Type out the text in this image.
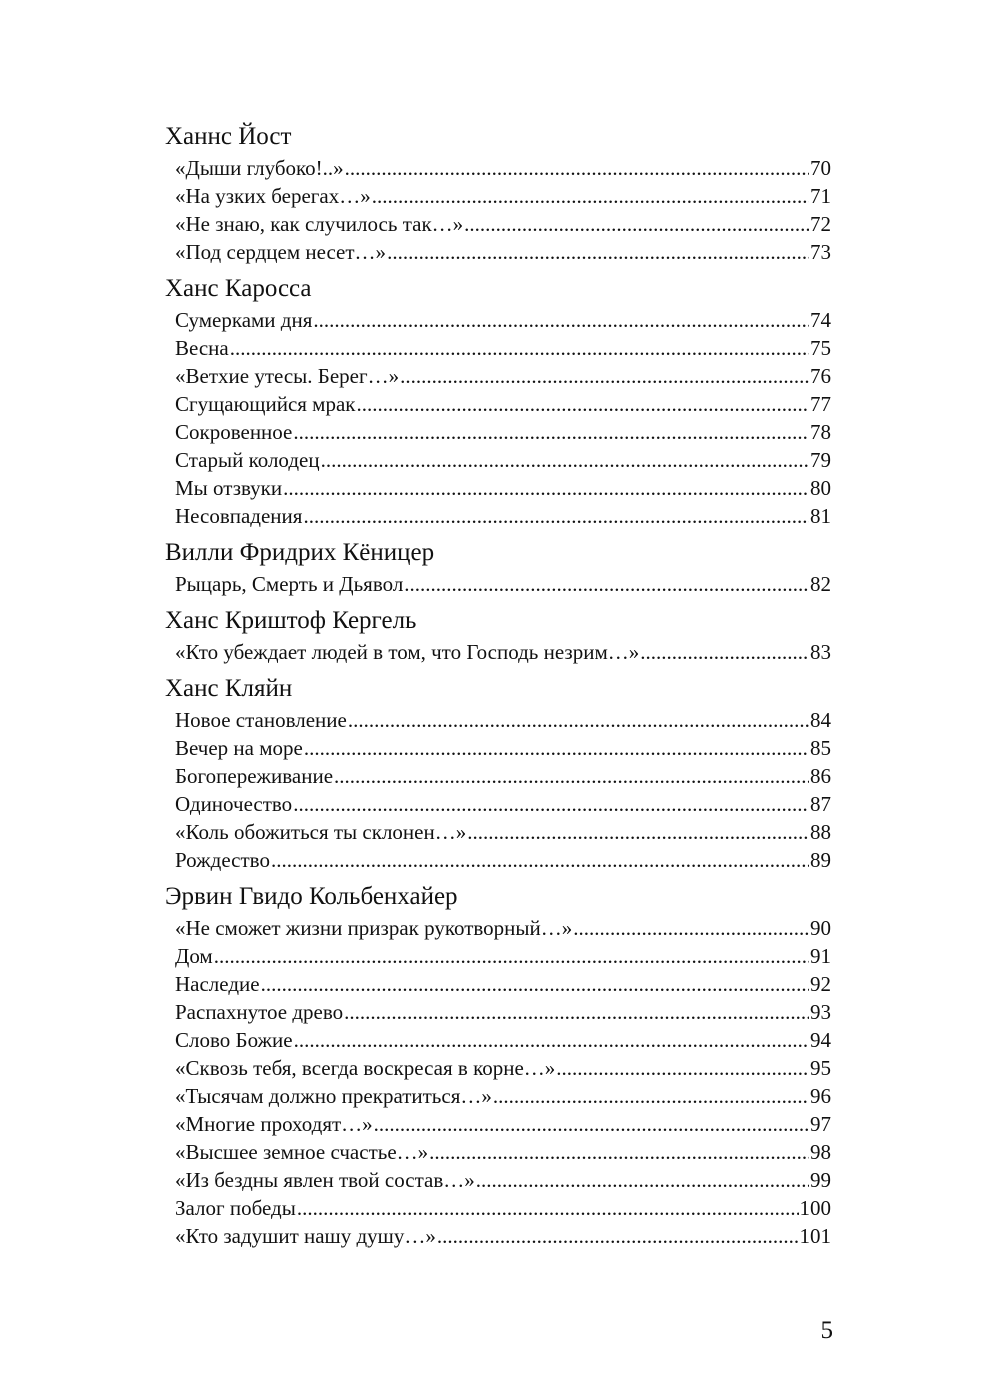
Ханнс Йост
«Дыши глубоко!..» .....	70
«На узких берегах…» .....	71
«Не знаю, как случилось так…» .....	72
«Под сердцем несет…» .....	73
Ханс Каросса
Сумерками дня .....	74
Весна .....	75
«Ветхие утесы. Берег…» .....	76
Сгущающийся мрак .....	77
Сокровенное .....	78
Старый колодец .....	79
Мы отзвуки .....	80
Несовпадения .....	81
Вилли Фридрих Кёницер
Рыцарь, Смерть и Дьявол .....	82
Ханс Криштоф Кергель
«Кто убеждает людей в том, что Господь незрим…» .....	83
Ханс Кляйн
Новое становление .....	84
Вечер на море .....	85
Богопереживание .....	86
Одиночество .....	87
«Коль обожиться ты склонен…» .....	88
Рождество .....	89
Эрвин Гвидо Кольбенхайер
«Не сможет жизни призрак рукотворный…» .....	90
Дом .....	91
Наследие .....	92
Распахнутое древо .....	93
Слово Божие .....	94
«Сквозь тебя, всегда воскресая в корне…» .....	95
«Тысячам должно прекратиться…» .....	96
«Многие проходят…» .....	97
«Высшее земное счастье…» .....	98
«Из бездны явлен твой состав…» .....	99
Залог победы .....	100
«Кто задушит нашу душу…» .....	101
5
